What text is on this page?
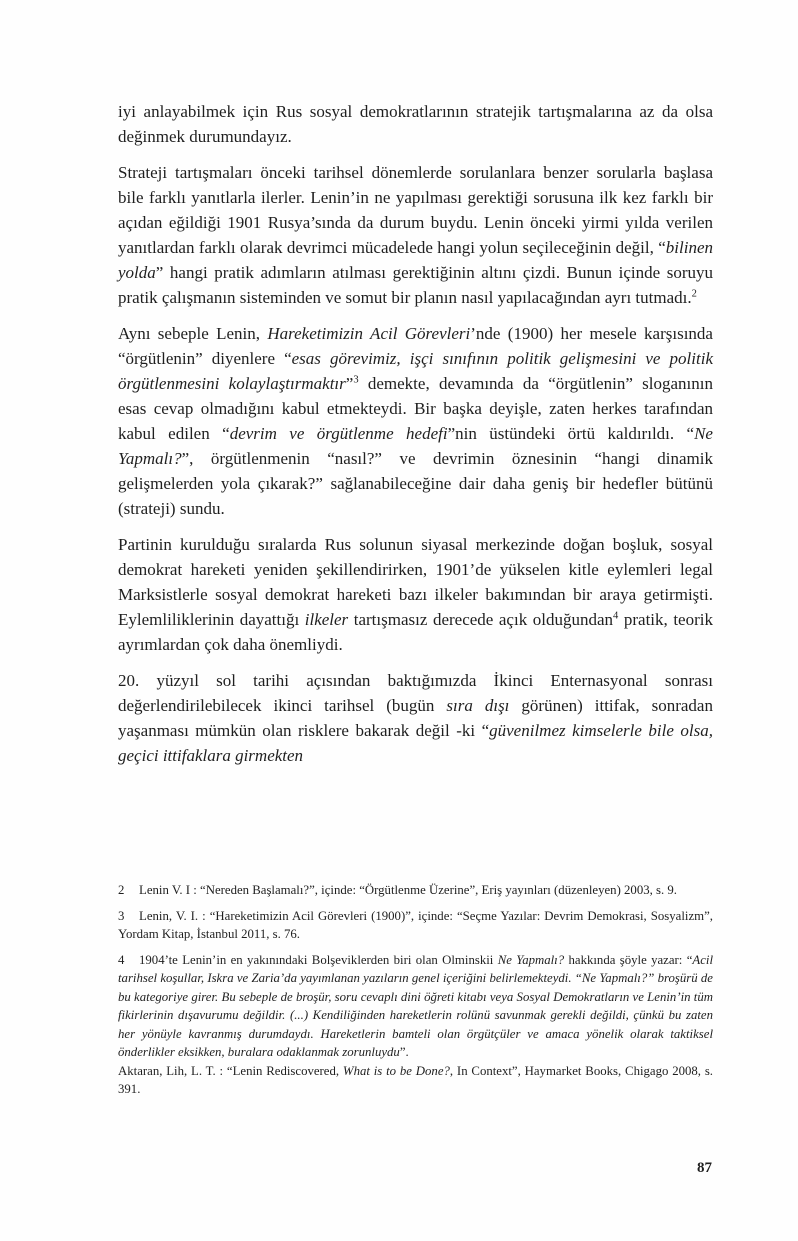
iyi anlayabilmek için Rus sosyal demokratlarının stratejik tartışmalarına az da olsa değinmek durumundayız.

Strateji tartışmaları önceki tarihsel dönemlerde sorulanlara benzer sorularla başlasa bile farklı yanıtlarla ilerler. Lenin’in ne yapılması gerektiği sorusuna ilk kez farklı bir açıdan eğildiği 1901 Rusya’sında da durum buydu. Lenin önceki yirmi yılda verilen yanıtlardan farklı olarak devrimci mücadelede hangi yolun seçileceğinin değil, “bilinen yolda” hangi pratik adımların atılması gerektiğinin altını çizdi. Bunun içinde soruyu pratik çalışmanın sisteminden ve somut bir planın nasıl yapılacağından ayrı tutmadı.$^2$

Aynı sebeple Lenin, Hareketimizin Acil Görevleri’nde (1900) her mesele karşısında “örgütlenin” diyenlere “esas görevimiz, işçi sınıfının politik gelişmesini ve politik örgütlenmesini kolaylaştırmaktır”$^3$ demekte, devamında da “örgütlenin” sloganının esas cevap olmadığını kabul etmekteydi. Bir başka deyişle, zaten herkes tarafından kabul edilen “devrim ve örgütlenme hedefi”nin üstündeki örtü kaldırıldı. “Ne Yapmalı?”, örgütlenmenin “nasıl?” ve devrimin öznesinin “hangi dinamik gelişmelerden yola çıkarak?” sağlanabileceğine dair daha geniş bir hedefler bütünü (strateji) sundu.

Partinin kurulduğu sıralarda Rus solunun siyasal merkezinde doğan boşluk, sosyal demokrat hareketi yeniden şekillendirirken, 1901’de yükselen kitle eylemleri legal Marksistlerle sosyal demokrat hareketi bazı ilkeler bakımından bir araya getirmişti. Eylemliliklerinin dayattığı ilkeler tartışmasız derecede açık olduğundan$^4$ pratik, teorik ayrımlardan çok daha önemliydi.

20. yüzyıl sol tarihi açısından baktığımızda İkinci Enternasyonal sonrası değerlendirilebilecek ikinci tarihsel (bugün sıra dışı görünen) ittifak, sonradan yaşanması mümkün olan risklere bakarak değil -ki “güvenilmez kimselerle bile olsa, geçici ittifaklara girmekten

2 Lenin V. I : “Nereden Başlamalı?”, içinde: “Örgütlenme Üzerine”, Eriş yayınları (düzenleyen) 2003, s. 9.

3 Lenin, V. I. : “Hareketimizin Acil Görevleri (1900)”, içinde: “Seçme Yazılar: Devrim Demokrasi, Sosyalizm”, Yordam Kitap, İstanbul 2011, s. 76.

4 1904’te Lenin’in en yakınındaki Bolşeviklerden biri olan Olminskii Ne Yapmalı? hakkında şöyle yazar: “Acil tarihsel koşullar, Iskra ve Zaria’da yayımlanan yazıların genel içeriğini belirlemekteydi. “Ne Yapmalı?” broşürü de bu kategoriye girer. Bu sebeple de broşür, soru cevaplı dini öğreti kitabı veya Sosyal Demokratların ve Lenin’in tüm fikirlerinin dışavurumu değildir. (...) Kendiliğinden hareketlerin rolünü savunmak gerekli değildi, çünkü bu zaten her yönüyle kavranmış durumdaydı. Hareketlerin bamteli olan örgütçüler ve amaca yönelik olarak taktiksel önderlikler eksikken, buralara odaklanmak zorunluydu”.

Aktaran, Lih, L. T. : “Lenin Rediscovered, What is to be Done?, In Context”, Haymarket Books, Chigago 2008, s. 391.

87
